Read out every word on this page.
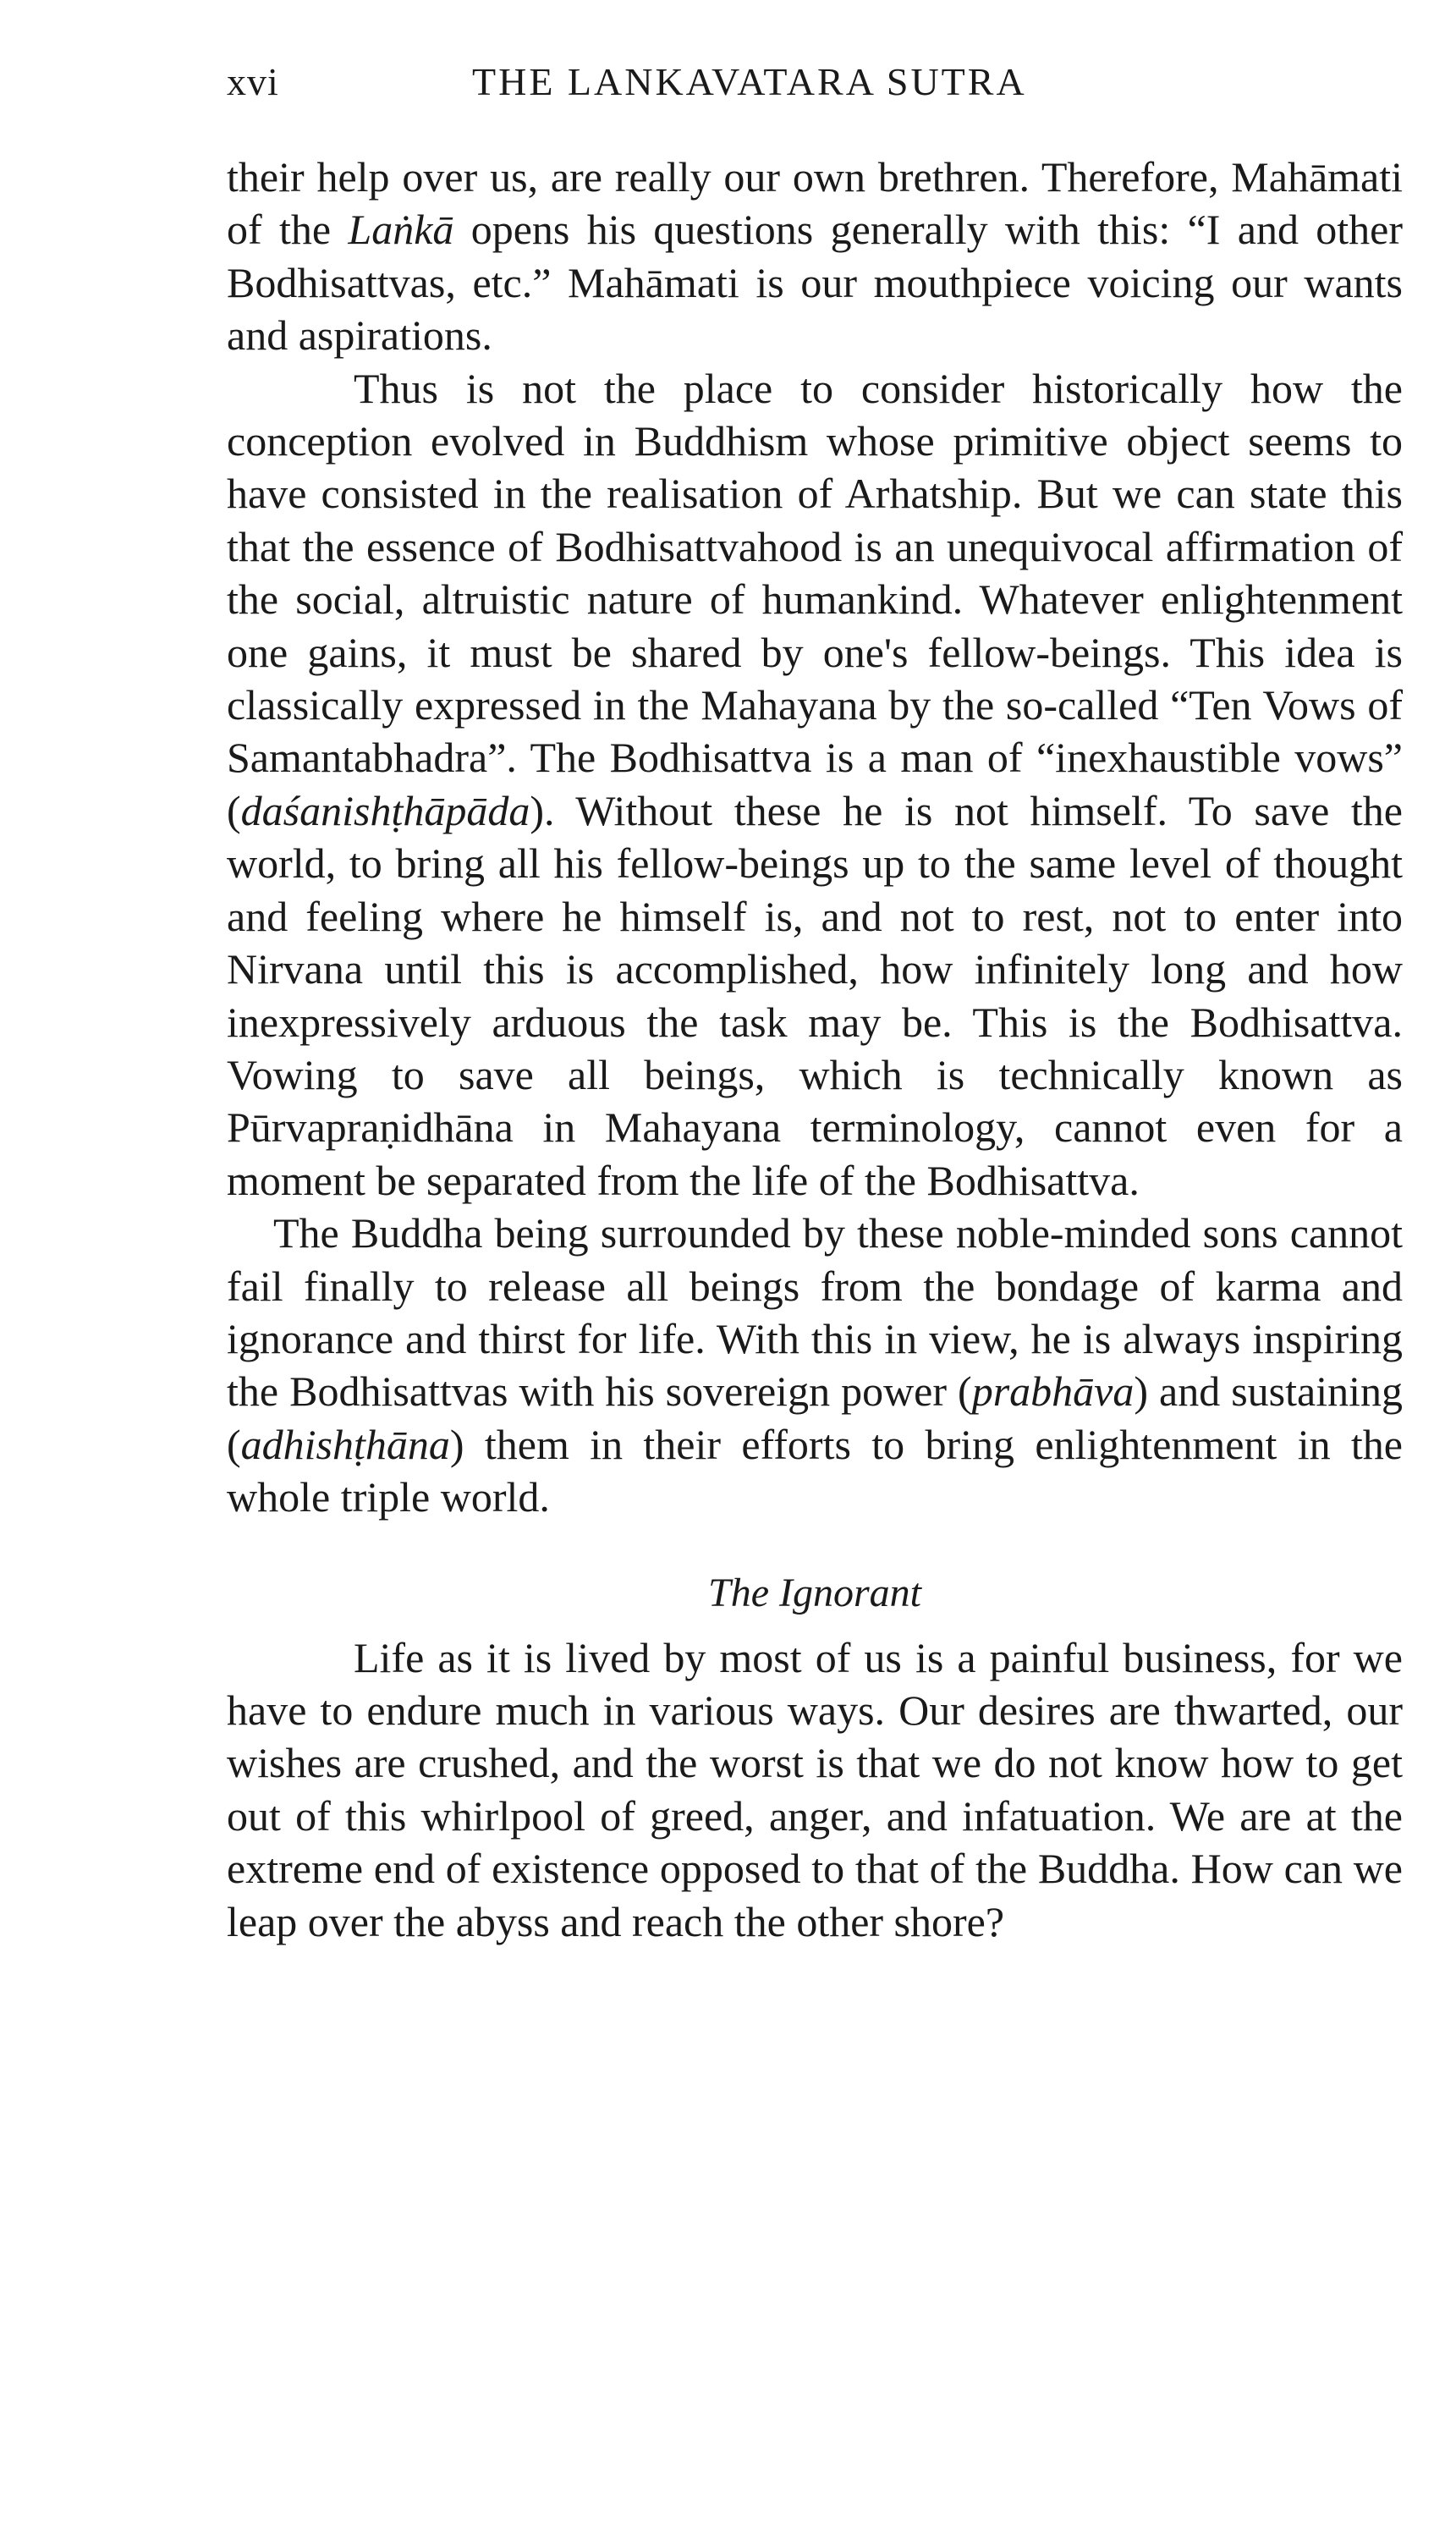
xvi	THE LANKAVATARA SUTRA

their help over us, are really our own brethren. Therefore, Mahāmati of the Laṅkā opens his questions generally with this: “I and other Bodhisattvas, etc.” Mahāmati is our mouthpiece voicing our wants and aspirations.

Thus is not the place to consider historically how the conception evolved in Buddhism whose primitive object seems to have consisted in the realisation of Arhatship. But we can state this that the essence of Bodhisattvahood is an unequivocal affirmation of the social, altruistic nature of humankind. Whatever enlightenment one gains, it must be shared by one's fellow-beings. This idea is classically expressed in the Mahayana by the so-called “Ten Vows of Samantabhadra”. The Bodhisattva is a man of “inexhaustible vows” (daśanishṭhāpāda). Without these he is not himself. To save the world, to bring all his fellow-beings up to the same level of thought and feeling where he himself is, and not to rest, not to enter into Nirvana until this is accomplished, how infinitely long and how inexpressively arduous the task may be. This is the Bodhisattva. Vowing to save all beings, which is technically known as Pūrvapraṇidhāna in Mahayana terminology, cannot even for a moment be separated from the life of the Bodhisattva.

The Buddha being surrounded by these noble-minded sons cannot fail finally to release all beings from the bondage of karma and ignorance and thirst for life. With this in view, he is always inspiring the Bodhisattvas with his sovereign power (prabhāva) and sustaining (adhishṭhāna) them in their efforts to bring enlightenment in the whole triple world.

The Ignorant

Life as it is lived by most of us is a painful business, for we have to endure much in various ways. Our desires are thwarted, our wishes are crushed, and the worst is that we do not know how to get out of this whirlpool of greed, anger, and infatuation. We are at the extreme end of existence opposed to that of the Buddha. How can we leap over the abyss and reach the other shore?
